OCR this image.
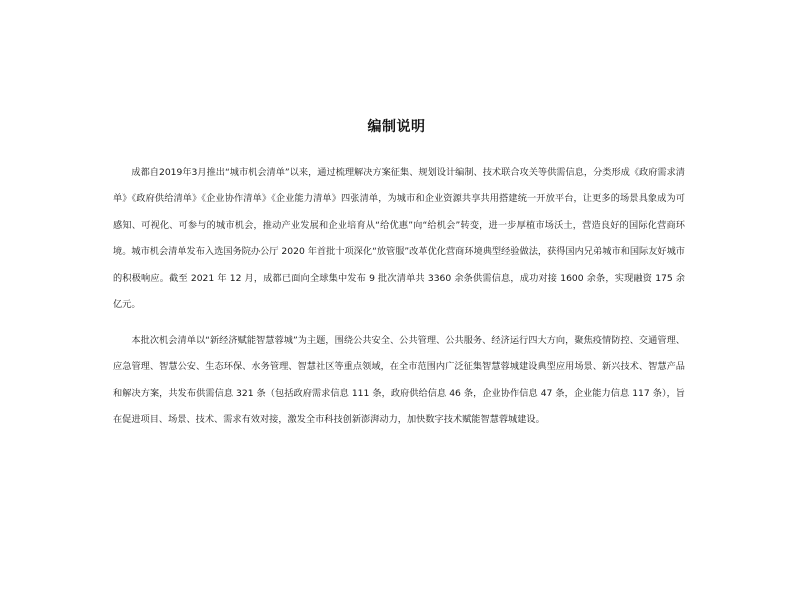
编制说明

成都自2019年3月推出“城市机会清单”以来，通过梳理解决方案征集、规划设计编制、技术联合攻关等供需信息，分类形成《政府需求清单》《政府供给清单》《企业协作清单》《企业能力清单》四张清单，为城市和企业资源共享共用搭建统一开放平台，让更多的场景具象成为可感知、可视化、可参与的城市机会，推动产业发展和企业培育从“给优惠”向“给机会”转变，进一步厚植市场沃土，营造良好的国际化营商环境。城市机会清单发布入选国务院办公厅 2020 年首批十项深化“放管服”改革优化营商环境典型经验做法，获得国内兄弟城市和国际友好城市的积极响应。截至 2021 年 12 月，成都已面向全球集中发布 9 批次清单共 3360 余条供需信息，成功对接 1600 余条，实现融资 175 余亿元。

本批次机会清单以“新经济赋能智慧蓉城”为主题，围绕公共安全、公共管理、公共服务、经济运行四大方向，聚焦疫情防控、交通管理、应急管理、智慧公安、生态环保、水务管理、智慧社区等重点领域，在全市范围内广泛征集智慧蓉城建设典型应用场景、新兴技术、智慧产品和解决方案，共发布供需信息 321 条（包括政府需求信息 111 条，政府供给信息 46 条，企业协作信息 47 条，企业能力信息 117 条），旨在促进项目、场景、技术、需求有效对接，激发全市科技创新澎湃动力，加快数字技术赋能智慧蓉城建设。
